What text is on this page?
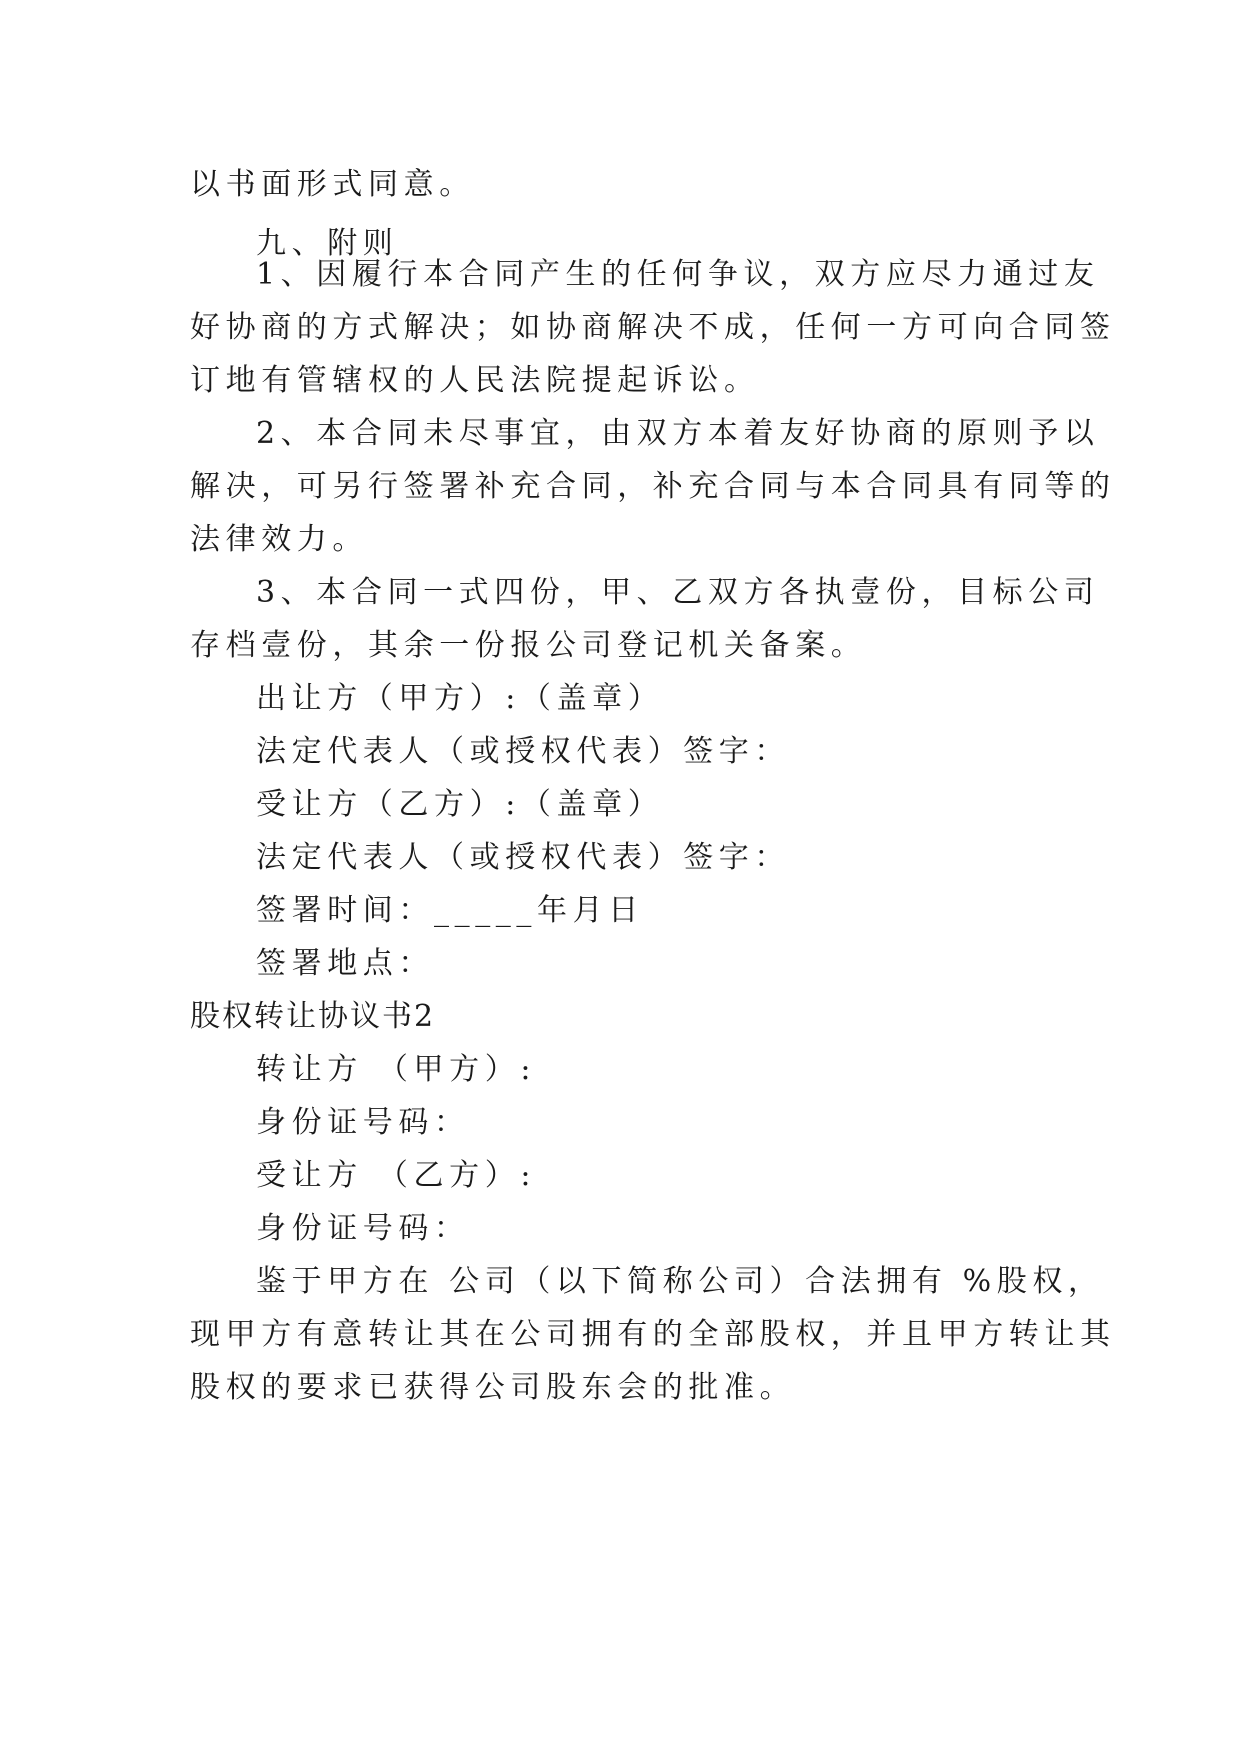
以书面形式同意。
九、附则
1、因履行本合同产生的任何争议，双方应尽力通过友
好协商的方式解决；如协商解决不成，任何一方可向合同签
订地有管辖权的人民法院提起诉讼。
2、本合同未尽事宜，由双方本着友好协商的原则予以
解决，可另行签署补充合同，补充合同与本合同具有同等的
法律效力。
3、本合同一式四份，甲、乙双方各执壹份，目标公司
存档壹份，其余一份报公司登记机关备案。
出让方（甲方）:（盖章）
法定代表人（或授权代表）签字：
受让方（乙方）:（盖章）
法定代表人（或授权代表）签字：
签署时间：_____年月日
签署地点：
股权转让协议书2
转让方 （甲方）:
身份证号码：
受让方 （乙方）:
身份证号码：
鉴于甲方在 公司（以下简称公司）合法拥有 %股权，
现甲方有意转让其在公司拥有的全部股权，并且甲方转让其
股权的要求已获得公司股东会的批准。
